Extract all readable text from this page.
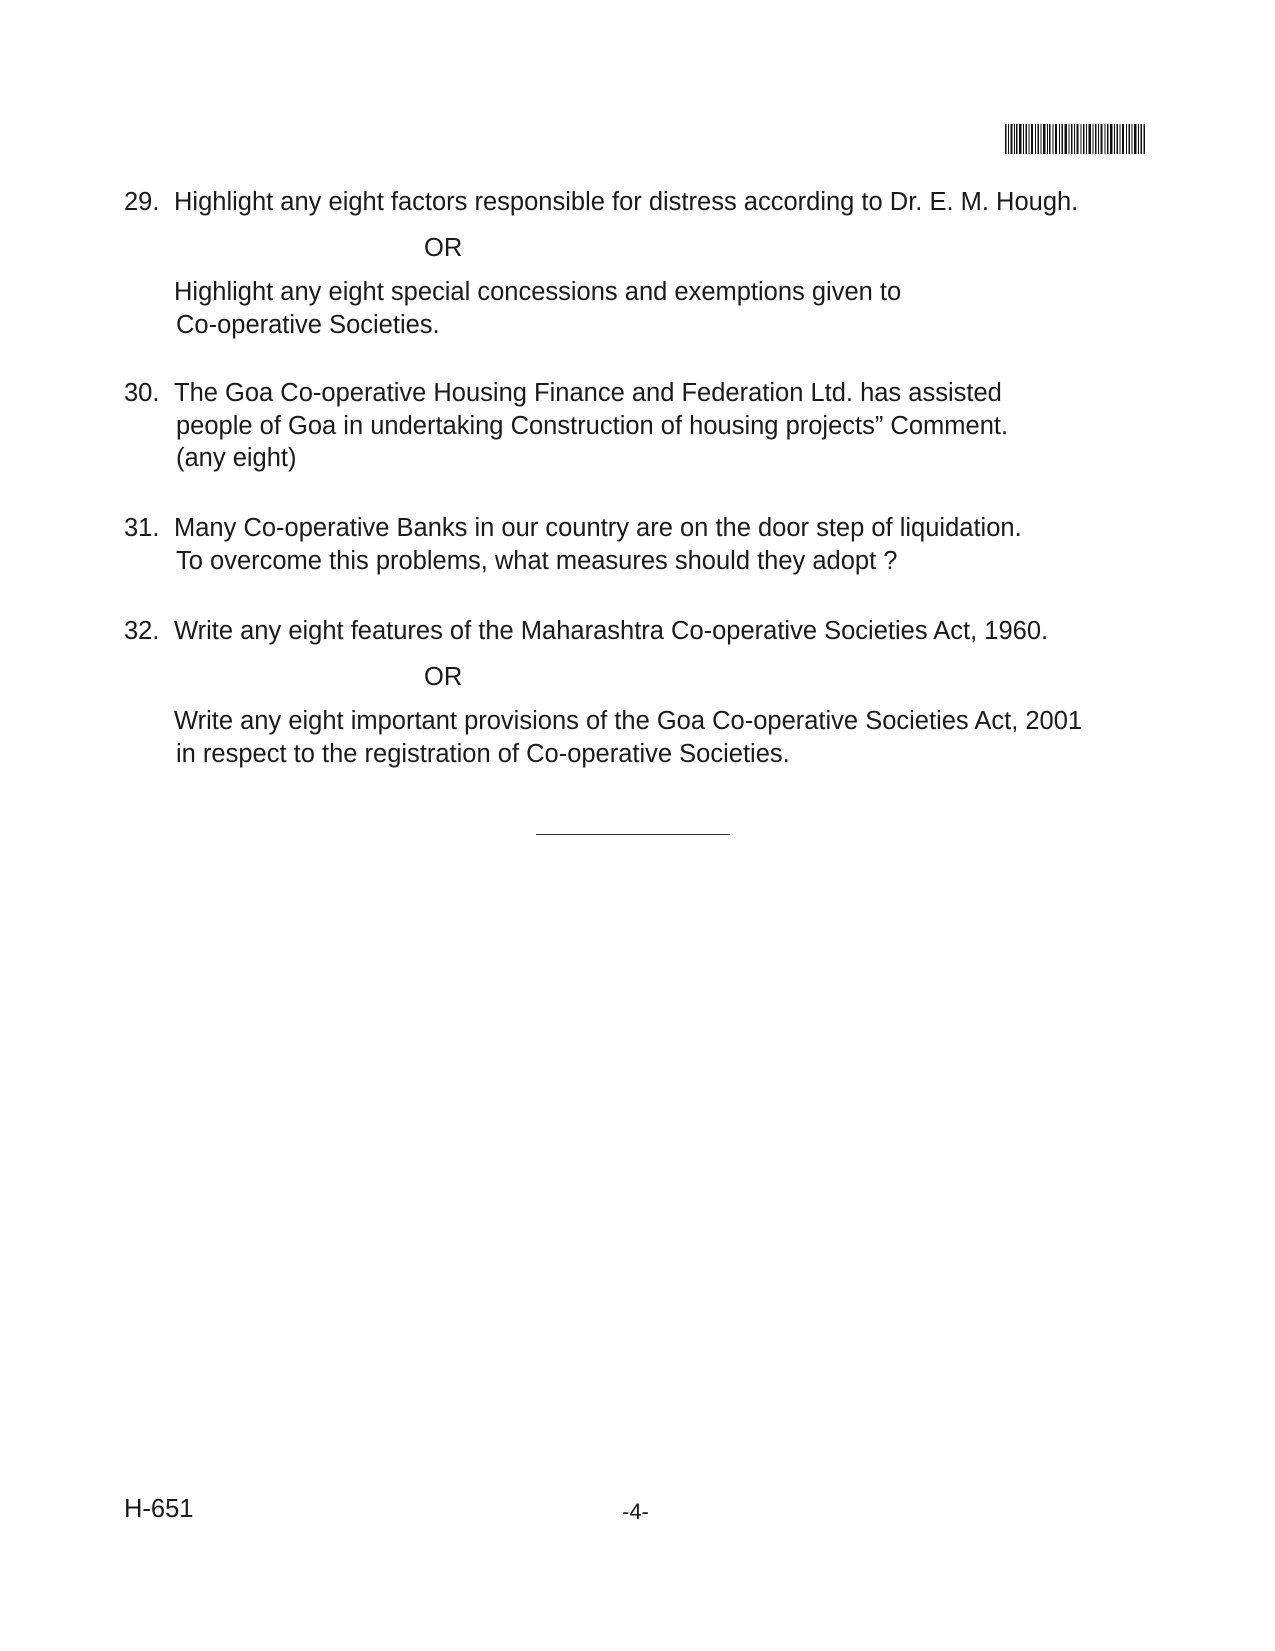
29. Highlight any eight factors responsible for distress according to Dr. E. M. Hough.
OR
Highlight any eight special concessions and exemptions given to
Co-operative Societies.
30. The Goa Co-operative Housing Finance and Federation Ltd. has assisted
people of Goa in undertaking Construction of housing projects” Comment.
(any eight)
31. Many Co-operative Banks in our country are on the door step of liquidation.
To overcome this problems, what measures should they adopt ?
32. Write any eight features of the Maharashtra Co-operative Societies Act, 1960.
OR
Write any eight important provisions of the Goa Co-operative Societies Act, 2001
in respect to the registration of Co-operative Societies.
H-651	-4-
